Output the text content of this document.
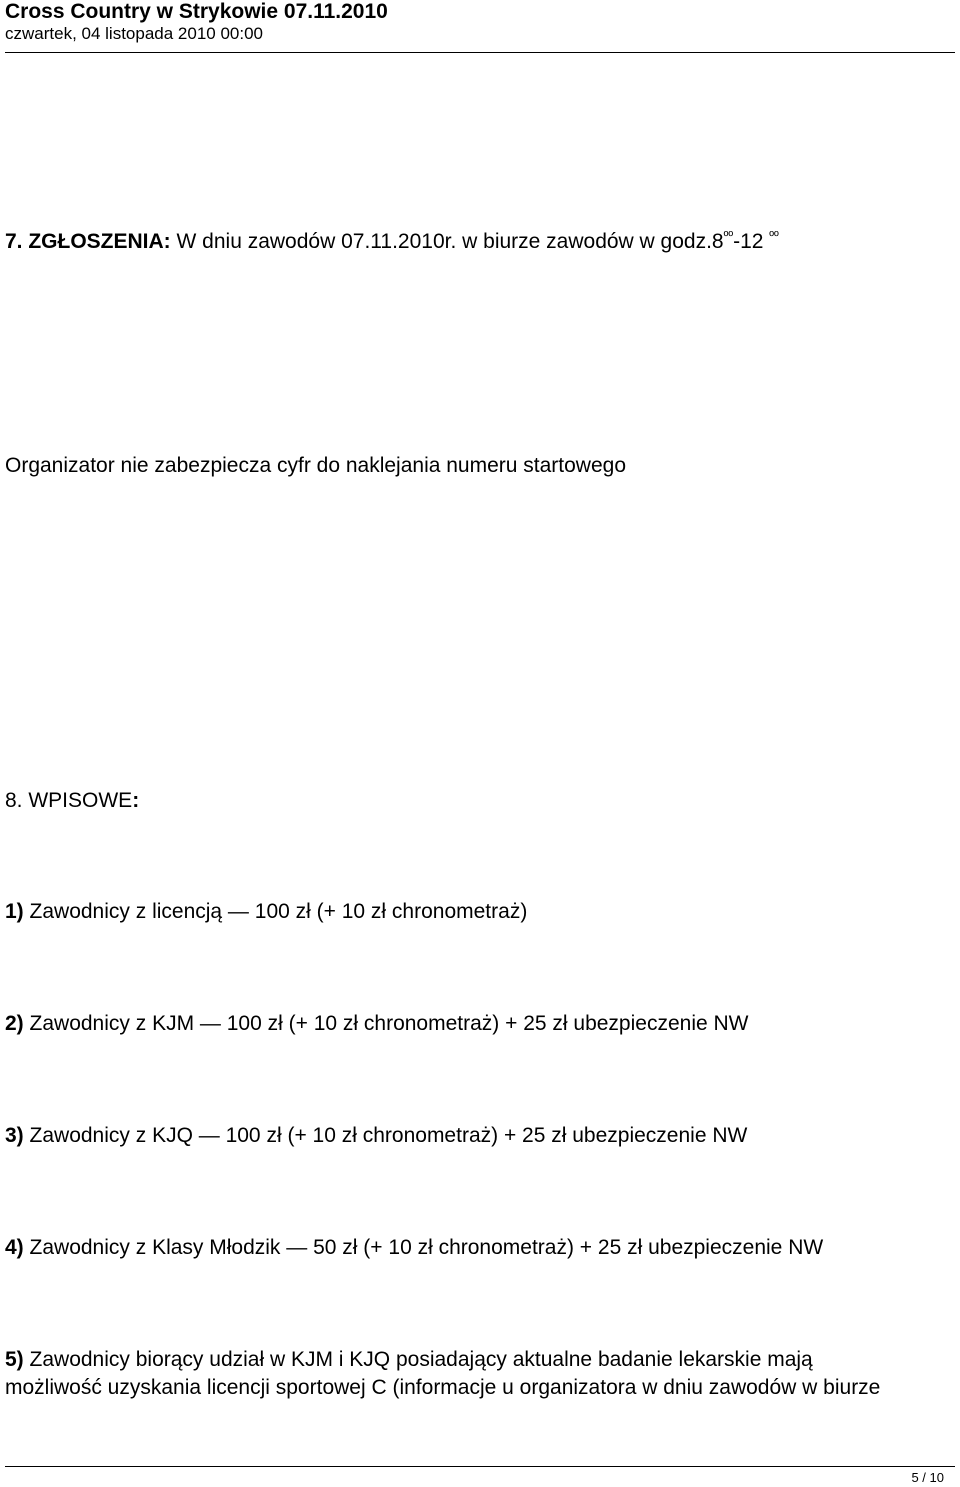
Cross Country w Strykowie 07.11.2010
czwartek, 04 listopada 2010 00:00
7. ZGŁOSZENIA: W dniu zawodów 07.11.2010r. w biurze zawodów w $godz.8^{ºº}-12$ $^{ºº}$
Organizator nie zabezpiecza cyfr do naklejania numeru startowego
8. WPISOWE:
1) Zawodnicy z licencją — 100 zł (+ 10 zł chronometraż)
2) Zawodnicy z KJM — 100 zł (+ 10 zł chronometraż) + 25 zł ubezpieczenie NW
3) Zawodnicy z KJQ — 100 zł (+ 10 zł chronometraż) + 25 zł ubezpieczenie NW
4) Zawodnicy z Klasy Młodzik — 50 zł (+ 10 zł chronometraż) + 25 zł ubezpieczenie NW
5) Zawodnicy biorący udział w KJM i KJQ posiadający aktualne badanie lekarskie mają
możliwość uzyskania licencji sportowej C (informacje u organizatora w dniu zawodów w biurze
5 / 10
